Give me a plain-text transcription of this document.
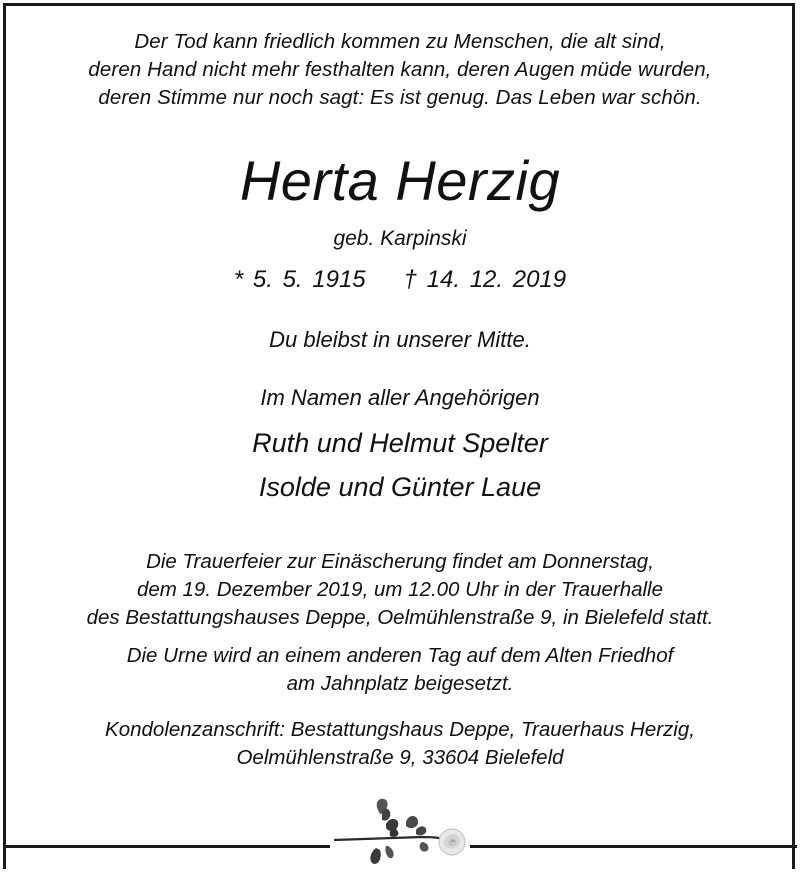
Der Tod kann friedlich kommen zu Menschen, die alt sind,
deren Hand nicht mehr festhalten kann, deren Augen müde wurden,
deren Stimme nur noch sagt: Es ist genug. Das Leben war schön.
Herta Herzig
geb. Karpinski
* 5. 5. 1915 † 14. 12. 2019
Du bleibst in unserer Mitte.
Im Namen aller Angehörigen
Ruth und Helmut Spelter
Isolde und Günter Laue
Die Trauerfeier zur Einäscherung findet am Donnerstag,
dem 19. Dezember 2019, um 12.00 Uhr in der Trauerhalle
des Bestattungshauses Deppe, Oelmühlenstraße 9, in Bielefeld statt.
Die Urne wird an einem anderen Tag auf dem Alten Friedhof
am Jahnplatz beigesetzt.
Kondolenzanschrift: Bestattungshaus Deppe, Trauerhaus Herzig,
Oelmühlenstraße 9, 33604 Bielefeld
